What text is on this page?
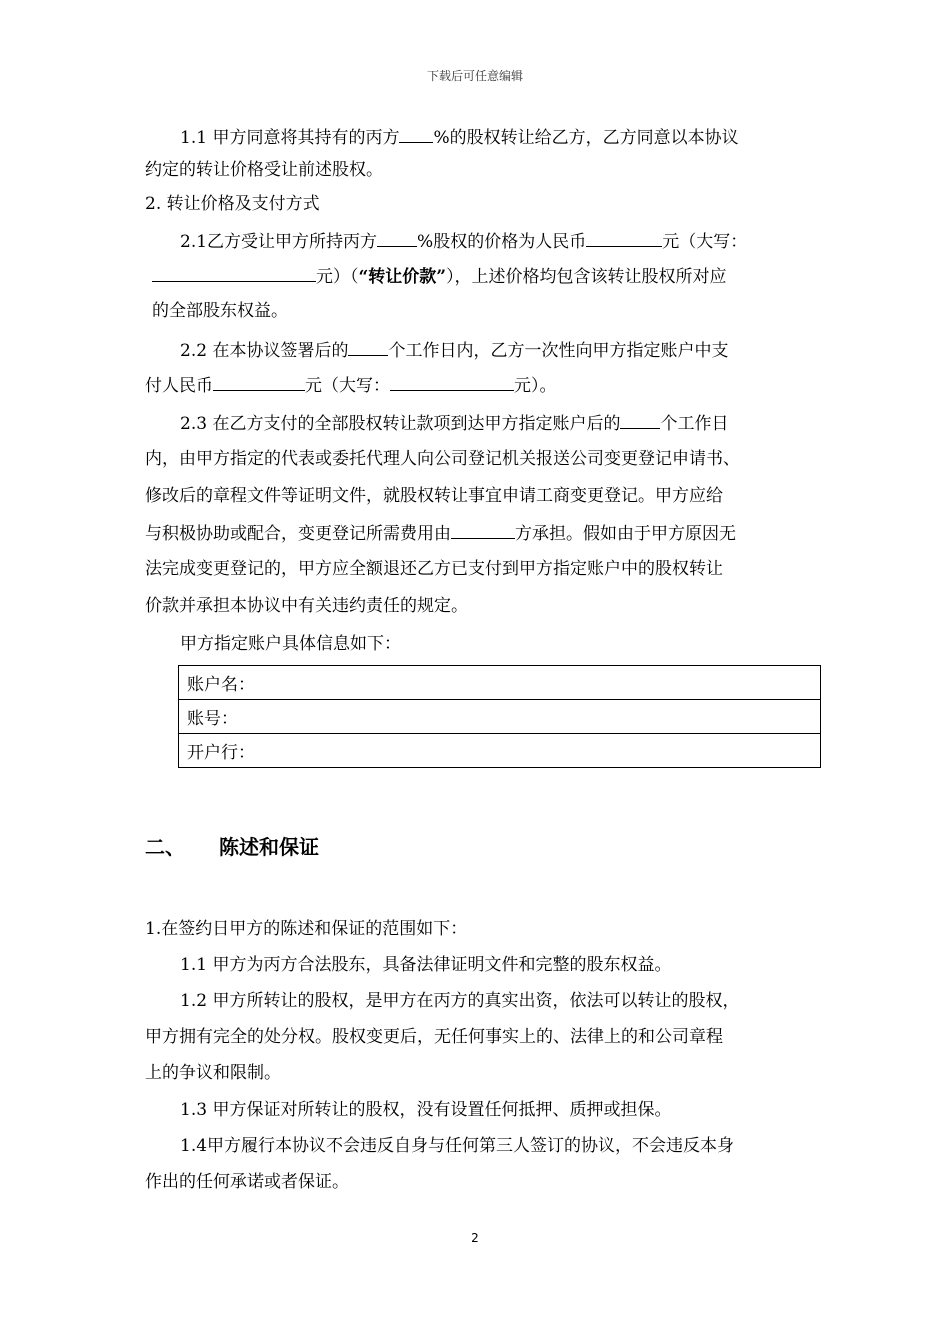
下载后可任意编辑
1.1 甲方同意将其持有的丙方 %的股权转让给乙方，乙方同意以本协议
约定的转让价格受让前述股权。
2. 转让价格及支付方式
2.1乙方受让甲方所持丙方 %股权的价格为人民币	元（大写：
元）（“转让价款”），上述价格均包含该转让股权所对应
的全部股东权益。
2.2 在本协议签署后的 个工作日内，乙方一次性向甲方指定账户中支
付人民币	元（大写：	元）。
2.3 在乙方支付的全部股权转让款项到达甲方指定账户后的 个工作日
内，由甲方指定的代表或委托代理人向公司登记机关报送公司变更登记申请书、
修改后的章程文件等证明文件，就股权转让事宜申请工商变更登记。甲方应给
与积极协助或配合，变更登记所需费用由	方承担。假如由于甲方原因无
法完成变更登记的，甲方应全额退还乙方已支付到甲方指定账户中的股权转让
价款并承担本协议中有关违约责任的规定。
甲方指定账户具体信息如下：
账户名：
账号：
开户行：
二、 陈述和保证
1.在签约日甲方的陈述和保证的范围如下：
1.1 甲方为丙方合法股东，具备法律证明文件和完整的股东权益。
1.2 甲方所转让的股权，是甲方在丙方的真实出资，依法可以转让的股权，
甲方拥有完全的处分权。股权变更后，无任何事实上的、法律上的和公司章程
上的争议和限制。
1.3 甲方保证对所转让的股权，没有设置任何抵押、质押或担保。
1.4甲方履行本协议不会违反自身与任何第三人签订的协议，不会违反本身
作出的任何承诺或者保证。
2
